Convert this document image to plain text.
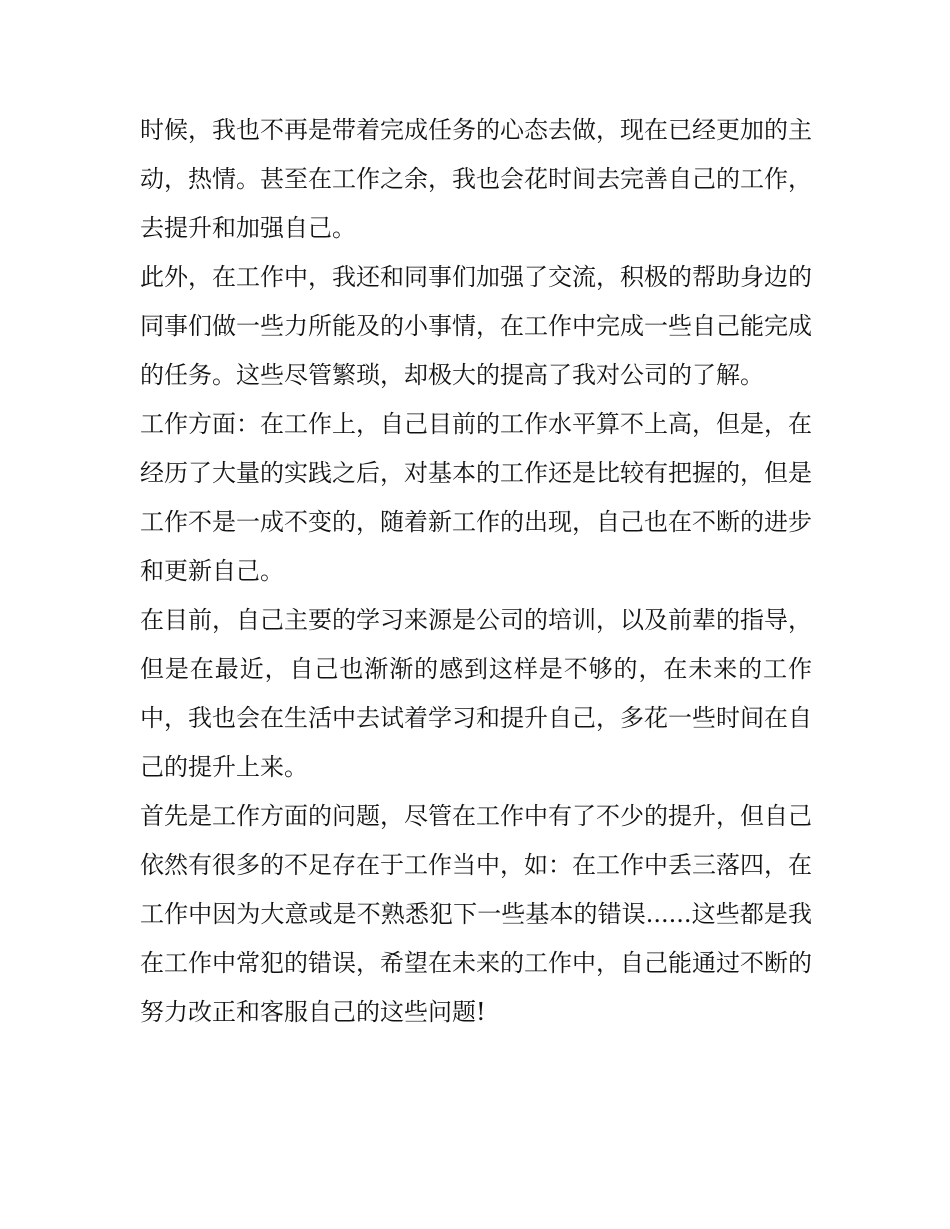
时候，我也不再是带着完成任务的心态去做，现在已经更加的主动，热情。甚至在工作之余，我也会花时间去完善自己的工作，去提升和加强自己。

此外，在工作中，我还和同事们加强了交流，积极的帮助身边的同事们做一些力所能及的小事情，在工作中完成一些自己能完成的任务。这些尽管繁琐，却极大的提高了我对公司的了解。

工作方面：在工作上，自己目前的工作水平算不上高，但是，在经历了大量的实践之后，对基本的工作还是比较有把握的，但是工作不是一成不变的，随着新工作的出现，自己也在不断的进步和更新自己。

在目前，自己主要的学习来源是公司的培训，以及前辈的指导，但是在最近，自己也渐渐的感到这样是不够的，在未来的工作中，我也会在生活中去试着学习和提升自己，多花一些时间在自己的提升上来。

首先是工作方面的问题，尽管在工作中有了不少的提升，但自己依然有很多的不足存在于工作当中，如：在工作中丢三落四，在工作中因为大意或是不熟悉犯下一些基本的错误......这些都是我在工作中常犯的错误，希望在未来的工作中，自己能通过不断的努力改正和客服自己的这些问题!
